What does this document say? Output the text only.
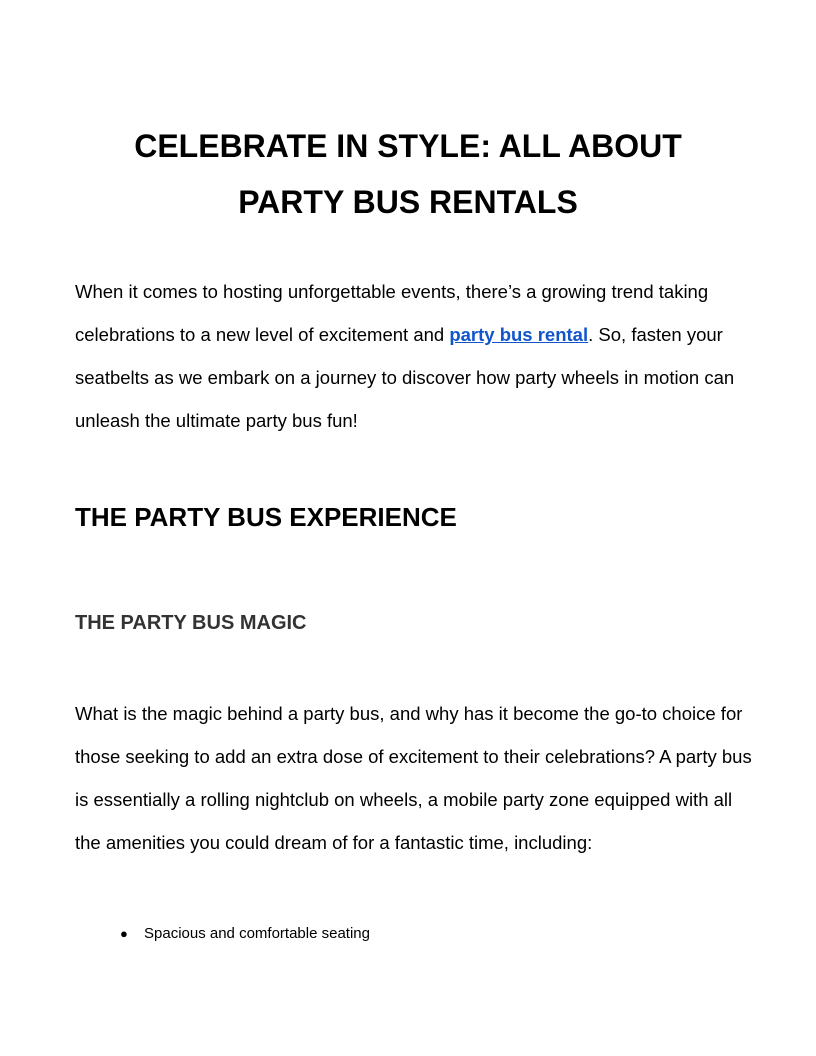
CELEBRATE IN STYLE: ALL ABOUT
PARTY BUS RENTALS

When it comes to hosting unforgettable events, there’s a growing trend taking celebrations to a new level of excitement and party bus rental. So, fasten your seatbelts as we embark on a journey to discover how party wheels in motion can unleash the ultimate party bus fun!

THE PARTY BUS EXPERIENCE
THE PARTY BUS MAGIC

What is the magic behind a party bus, and why has it become the go-to choice for those seeking to add an extra dose of excitement to their celebrations? A party bus is essentially a rolling nightclub on wheels, a mobile party zone equipped with all the amenities you could dream of for a fantastic time, including:

● Spacious and comfortable seating
